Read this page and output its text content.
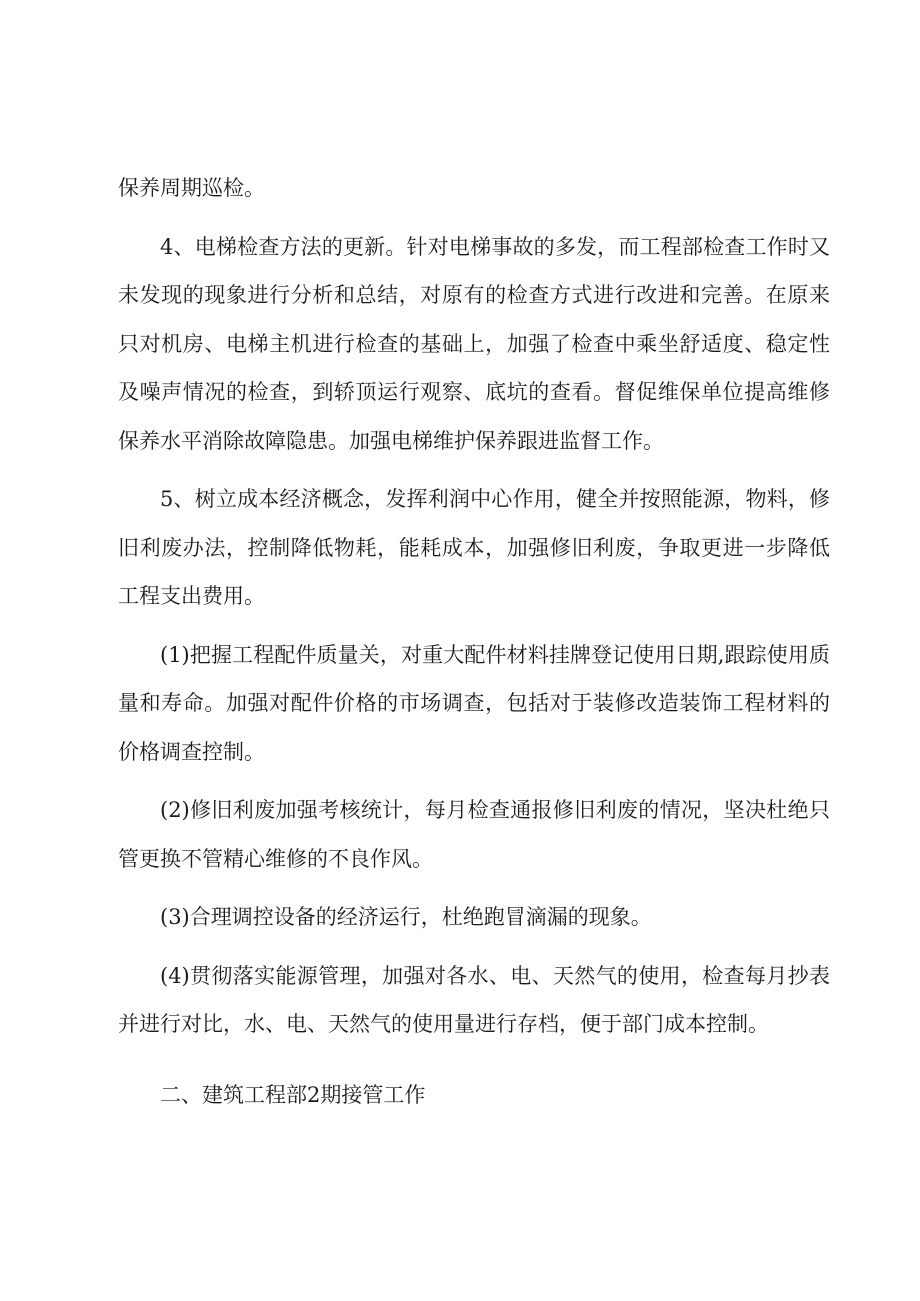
保养周期巡检。

4、电梯检查方法的更新。针对电梯事故的多发，而工程部检查工作时又未发现的现象进行分析和总结，对原有的检查方式进行改进和完善。在原来只对机房、电梯主机进行检查的基础上，加强了检查中乘坐舒适度、稳定性及噪声情况的检查，到轿顶运行观察、底坑的查看。督促维保单位提高维修保养水平消除故障隐患。加强电梯维护保养跟进监督工作。

5、树立成本经济概念，发挥利润中心作用，健全并按照能源，物料，修旧利废办法，控制降低物耗，能耗成本，加强修旧利废，争取更进一步降低工程支出费用。

(1)把握工程配件质量关，对重大配件材料挂牌登记使用日期,跟踪使用质量和寿命。加强对配件价格的市场调查，包括对于装修改造装饰工程材料的价格调查控制。

(2)修旧利废加强考核统计，每月检查通报修旧利废的情况，坚决杜绝只管更换不管精心维修的不良作风。

(3)合理调控设备的经济运行，杜绝跑冒滴漏的现象。

(4)贯彻落实能源管理，加强对各水、电、天然气的使用，检查每月抄表并进行对比，水、电、天然气的使用量进行存档，便于部门成本控制。

二、建筑工程部2期接管工作
